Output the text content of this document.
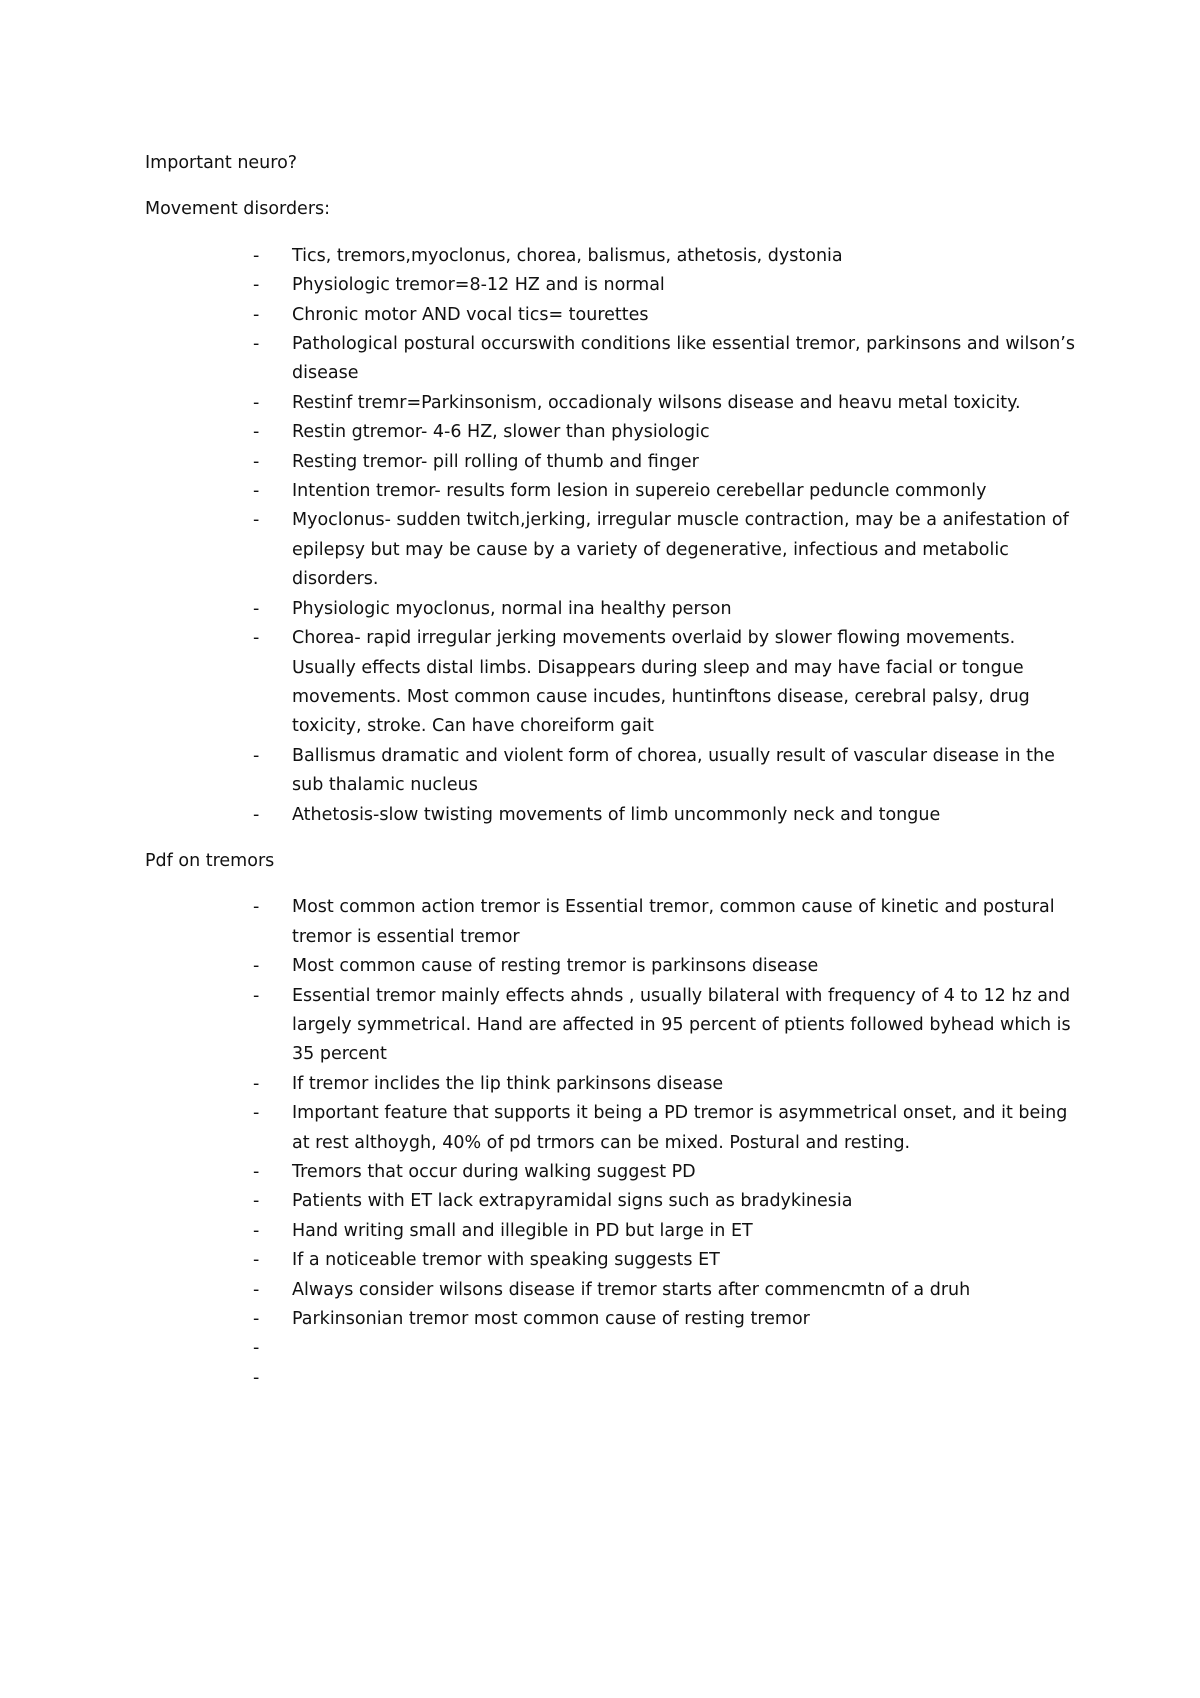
Important neuro?

Movement disorders:

- Tics, tremors,myoclonus, chorea, balismus, athetosis, dystonia
- Physiologic tremor=8-12 HZ and is normal
- Chronic motor AND vocal tics= tourettes
- Pathological postural occurswith conditions like essential tremor, parkinsons and wilson’s disease
- Restinf tremr=Parkinsonism, occadionaly wilsons disease and heavu metal toxicity.
- Restin gtremor- 4-6 HZ, slower than physiologic
- Resting tremor- pill rolling of thumb and finger
- Intention tremor- results form lesion in supereio cerebellar peduncle commonly
- Myoclonus- sudden twitch,jerking, irregular muscle contraction, may be a anifestation of epilepsy but may be cause by a variety of degenerative, infectious and metabolic disorders.
- Physiologic myoclonus, normal ina healthy person
- Chorea- rapid irregular jerking movements overlaid by slower flowing movements. Usually effects distal limbs. Disappears during sleep and may have facial or tongue movements. Most common cause incudes, huntinftons disease, cerebral palsy, drug toxicity, stroke. Can have choreiform gait
- Ballismus dramatic and violent form of chorea, usually result of vascular disease in the sub thalamic nucleus
- Athetosis-slow twisting movements of limb uncommonly neck and tongue

Pdf on tremors

- Most common action tremor is Essential tremor, common cause of kinetic and postural tremor is essential tremor
- Most common cause of resting tremor is parkinsons disease
- Essential tremor mainly effects ahnds , usually bilateral with frequency of 4 to 12 hz and largely symmetrical. Hand are affected in 95 percent of ptients followed byhead which is 35 percent
- If tremor inclides the lip think parkinsons disease
- Important feature that supports it being a PD tremor is asymmetrical onset, and it being at rest althoygh, 40% of pd trmors can be mixed. Postural and resting.
- Tremors that occur during walking suggest PD
- Patients with ET lack extrapyramidal signs such as bradykinesia
- Hand writing small and illegible in PD but large in ET
- If a noticeable tremor with speaking suggests ET
- Always consider wilsons disease if tremor starts after commencmtn of a druh
- Parkinsonian tremor most common cause of resting tremor
-
-
